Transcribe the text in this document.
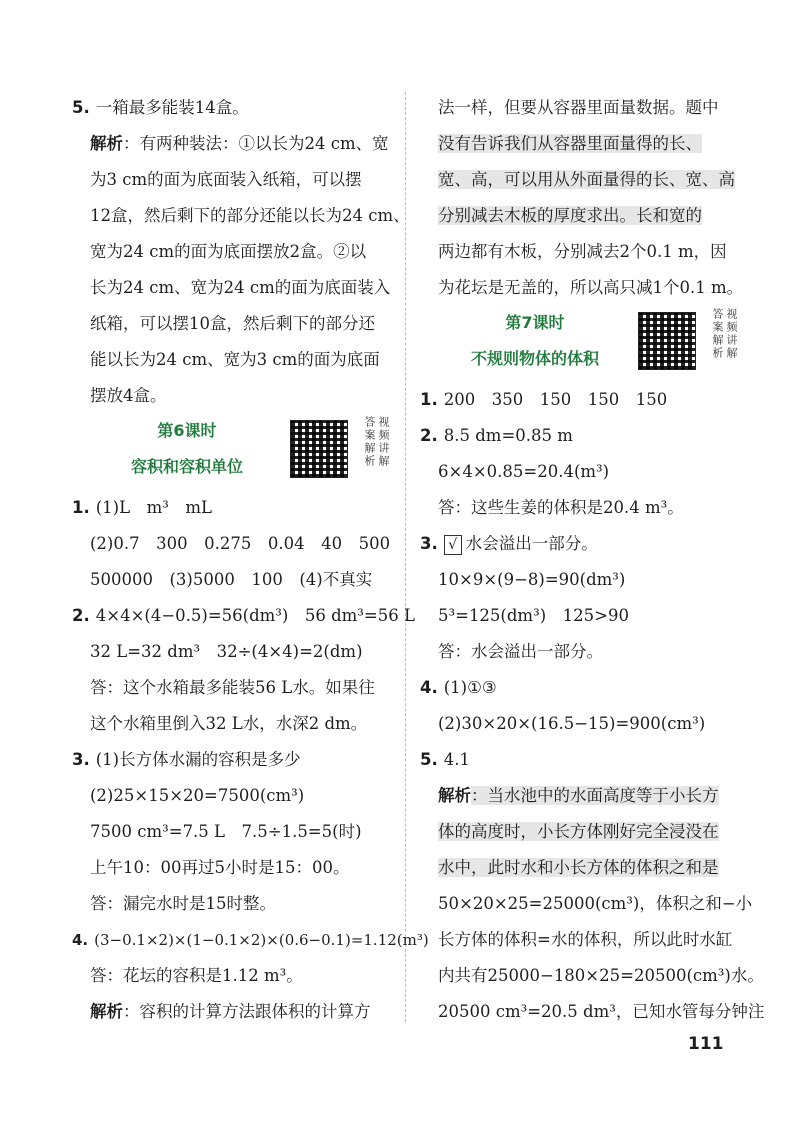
5. 一箱最多能装14盒。
解析：有两种装法：①以长为24 cm、宽
为3 cm的面为底面装入纸箱，可以摆
12盒，然后剩下的部分还能以长为24 cm、
宽为24 cm的面为底面摆放2盒。②以
长为24 cm、宽为24 cm的面为底面装入
纸箱，可以摆10盒，然后剩下的部分还
能以长为24 cm、宽为3 cm的面为底面
摆放4盒。
第6课时
容积和容积单位	视频讲解答案解析
1. (1)L　m³　mL
(2)0.7　300　0.275　0.04　40　500
500000　(3)5000　100　(4)不真实
2. 4×4×(4−0.5)=56(dm³)　56 dm³=56 L
32 L=32 dm³　32÷(4×4)=2(dm)
答：这个水箱最多能装56 L水。如果往
这个水箱里倒入32 L水，水深2 dm。
3. (1)长方体水漏的容积是多少
(2)25×15×20=7500(cm³)
7500 cm³=7.5 L　7.5÷1.5=5(时)
上午10：00再过5小时是15：00。
答：漏完水时是15时整。
4. (3−0.1×2)×(1−0.1×2)×(0.6−0.1)=1.12(m³)
答：花坛的容积是1.12 m³。
解析：容积的计算方法跟体积的计算方
法一样，但要从容器里面量数据。题中
没有告诉我们从容器里面量得的长、
宽、高，可以用从外面量得的长、宽、高
分别减去木板的厚度求出。长和宽的
两边都有木板，分别减去2个0.1 m，因
为花坛是无盖的，所以高只减1个0.1 m。
第7课时
不规则物体的体积	视频讲解答案解析
1. 200　350　150　150　150
2. 8.5 dm=0.85 m
6×4×0.85=20.4(m³)
答：这些生姜的体积是20.4 m³。
3. √ 水会溢出一部分。
10×9×(9−8)=90(dm³)
5³=125(dm³)　125>90
答：水会溢出一部分。
4. (1)①③
(2)30×20×(16.5−15)=900(cm³)
5. 4.1
解析：当水池中的水面高度等于小长方
体的高度时，小长方体刚好完全浸没在
水中，此时水和小长方体的体积之和是
50×20×25=25000(cm³)，体积之和−小
长方体的体积=水的体积，所以此时水缸
内共有25000−180×25=20500(cm³)水。
20500 cm³=20.5 dm³，已知水管每分钟注
111
